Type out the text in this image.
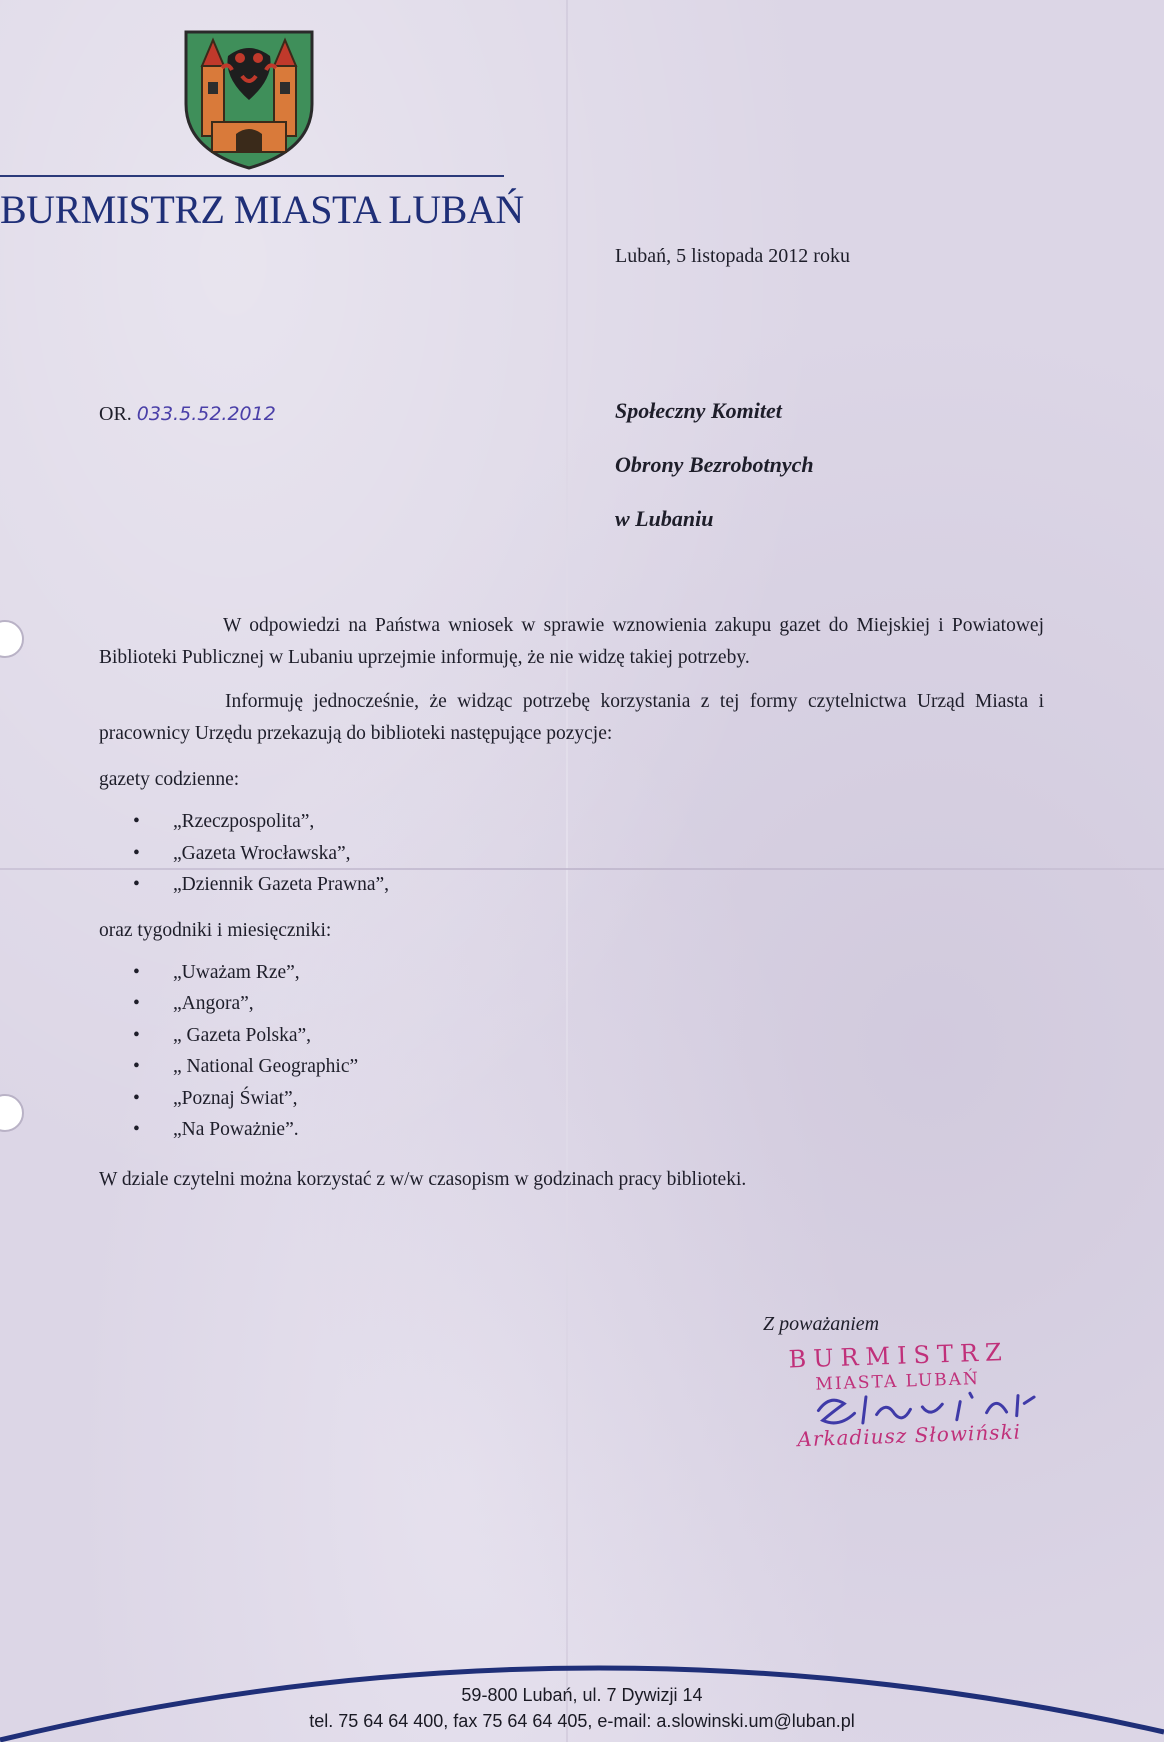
BURMISTRZ MIASTA LUBAŃ
Lubań, 5 listopada 2012 roku
OR. 033.5.52.2012	Społeczny Komitet
Obrony Bezrobotnych
w Lubaniu

W odpowiedzi na Państwa wniosek w sprawie wznowienia zakupu gazet do Miejskiej i Powiatowej Biblioteki Publicznej w Lubaniu uprzejmie informuję, że nie widzę takiej potrzeby.

Informuję jednocześnie, że widząc potrzebę korzystania z tej formy czytelnictwa Urząd Miasta i pracownicy Urzędu przekazują do biblioteki następujące pozycje:

gazety codzienne:

• „Rzeczpospolita”,
• „Gazeta Wrocławska”,
• „Dziennik Gazeta Prawna”,

oraz tygodniki i miesięczniki:

• „Uważam Rze”,
• „Angora”,
• „ Gazeta Polska”,
• „ National Geographic”
• „Poznaj Świat”,
• „Na Poważnie”.

W dziale czytelni można korzystać z w/w czasopism w godzinach pracy biblioteki.

Z poważaniem
BURMISTRZ
MIASTA LUBAŃ
Arkadiusz Słowiński
59-800 Lubań, ul. 7 Dywizji 14
tel. 75 64 64 400, fax 75 64 64 405, e-mail: a.slowinski.um@luban.pl
